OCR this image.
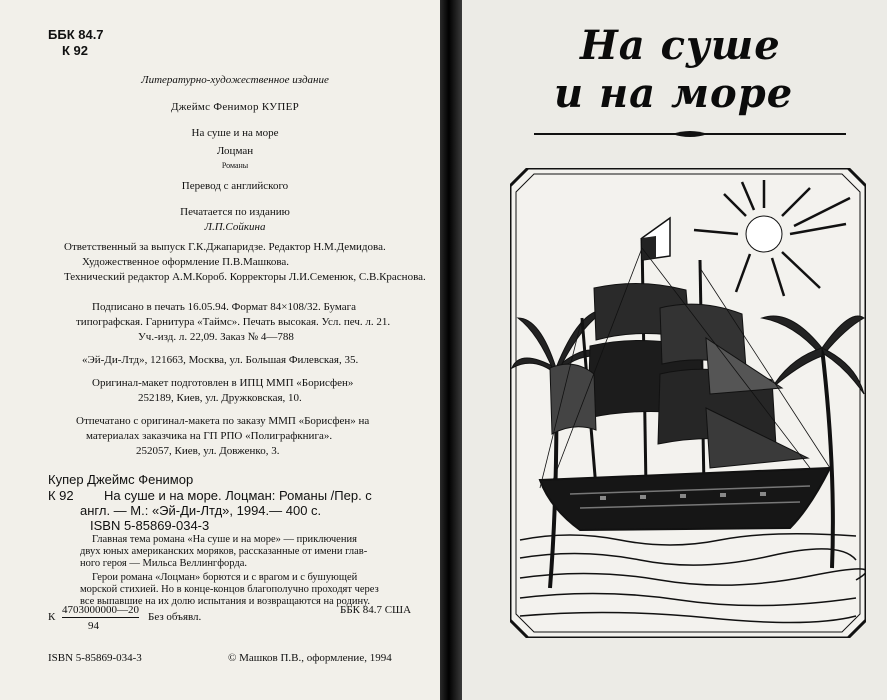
ББК 84.7
К 92
Литературно-художественное издание
Джеймс Фенимор КУПЕР
На суше и на море
Лоцман
Романы
Перевод с английского
Печатается по изданию
Л.П.Сойкина
Ответственный за выпуск Г.К.Джапаридзе. Редактор Н.М.Демидова.
Художественное оформление П.В.Машкова.
Технический редактор А.М.Короб. Корректоры Л.И.Семенюк, С.В.Краснова.
Подписано в печать 16.05.94. Формат 84×108/32. Бумага
типографская. Гарнитура «Таймс». Печать высокая. Усл. печ. л. 21.
Уч.-изд. л. 22,09. Заказ № 4—788
«Эй-Ди-Лтд», 121663, Москва, ул. Большая Филевская, 35.
Оригинал-макет подготовлен в ИПЦ ММП «Борисфен»
252189, Киев, ул. Дружковская, 10.
Отпечатано с оригинал-макета по заказу ММП «Борисфен» на
материалах заказчика на ГП РПО «Полиграфкнига».
252057, Киев, ул. Довженко, 3.
Купер Джеймс Фенимор
К 92 На суше и на море. Лоцман: Романы /Пер. с
англ. — М.: «Эй-Ди-Лтд», 1994.— 400 с.
ISBN 5-85869-034-3
Главная тема романа «На суше и на море» — приключения
двух юных американских моряков, рассказанные от имени глав-
ного героя — Мильса Веллингфорда.
Герои романа «Лоцман» борются и с врагом и с бушующей
морской стихией. Но в конце-концов благополучно проходят через
все выпавшие на их долю испытания и возвращаются на родину.
К
4703000000—20
94
Без объявл.
ББК 84.7 США
ISBN 5-85869-034-3	© Машков П.В., оформление, 1994
На суше
и на море
